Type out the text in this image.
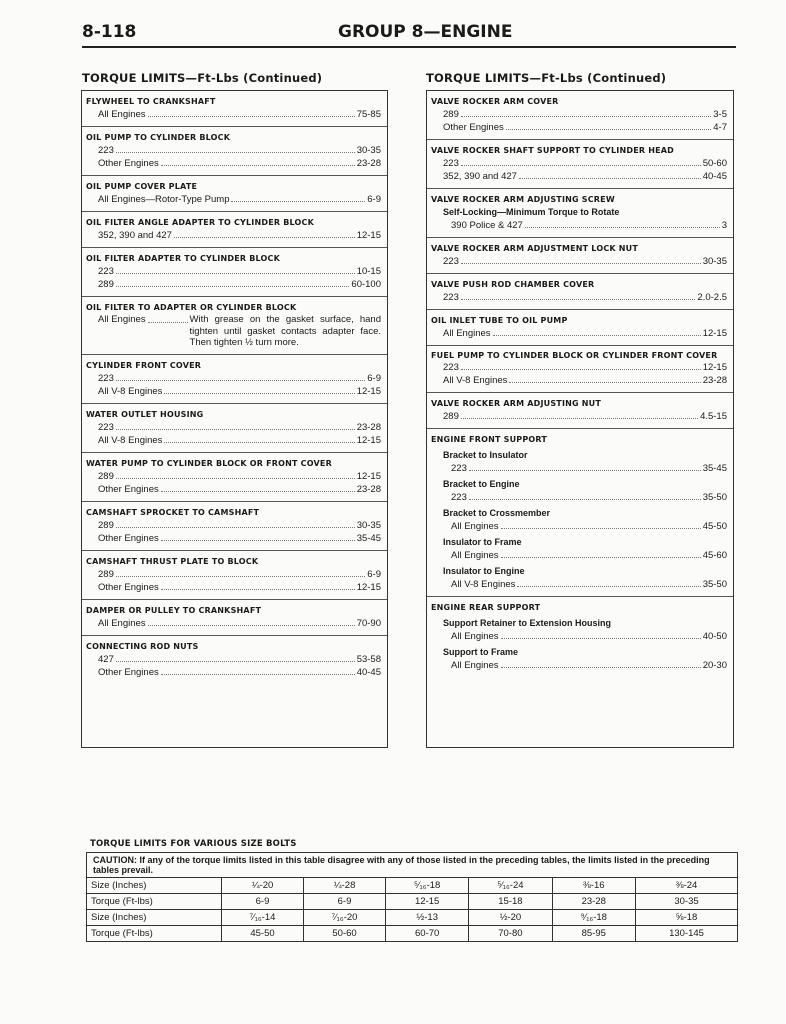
8-118	GROUP 8—ENGINE
TORQUE LIMITS—Ft-Lbs (Continued)	TORQUE LIMITS—Ft-Lbs (Continued)
FLYWHEEL TO CRANKSHAFT
All Engines	75-85
OIL PUMP TO CYLINDER BLOCK
223	30-35
Other Engines	23-28
OIL PUMP COVER PLATE
All Engines—Rotor-Type Pump	6-9
OIL FILTER ANGLE ADAPTER TO CYLINDER BLOCK
352, 390 and 427	12-15
OIL FILTER ADAPTER TO CYLINDER BLOCK
223	10-15
289	60-100
OIL FILTER TO ADAPTER OR CYLINDER BLOCK
All Engines	With grease on the gasket surface, hand tighten until gasket contacts adapter face. Then tighten ½ turn more.
CYLINDER FRONT COVER
223	6-9
All V-8 Engines	12-15
WATER OUTLET HOUSING
223	23-28
All V-8 Engines	12-15
WATER PUMP TO CYLINDER BLOCK OR FRONT COVER
289	12-15
Other Engines	23-28
CAMSHAFT SPROCKET TO CAMSHAFT
289	30-35
Other Engines	35-45
CAMSHAFT THRUST PLATE TO BLOCK
289	6-9
Other Engines	12-15
DAMPER OR PULLEY TO CRANKSHAFT
All Engines	70-90
CONNECTING ROD NUTS
427	53-58
Other Engines	40-45
VALVE ROCKER ARM COVER
289	3-5
Other Engines	4-7
VALVE ROCKER SHAFT SUPPORT TO CYLINDER HEAD
223	50-60
352, 390 and 427	40-45
VALVE ROCKER ARM ADJUSTING SCREW
Self-Locking—Minimum Torque to Rotate
390 Police & 427	3
VALVE ROCKER ARM ADJUSTMENT LOCK NUT
223	30-35
VALVE PUSH ROD CHAMBER COVER
223	2.0-2.5
OIL INLET TUBE TO OIL PUMP
All Engines	12-15
FUEL PUMP TO CYLINDER BLOCK OR CYLINDER FRONT COVER
223	12-15
All V-8 Engines	23-28
VALVE ROCKER ARM ADJUSTING NUT
289	4.5-15
ENGINE FRONT SUPPORT
Bracket to Insulator
223	35-45
Bracket to Engine
223	35-50
Bracket to Crossmember
All Engines	45-50
Insulator to Frame
All Engines	45-60
Insulator to Engine
All V-8 Engines	35-50
ENGINE REAR SUPPORT
Support Retainer to Extension Housing
All Engines	40-50
Support to Frame
All Engines	20-30
TORQUE LIMITS FOR VARIOUS SIZE BOLTS
CAUTION: If any of the torque limits listed in this table disagree with any of those listed in the preceding tables, the limits listed in the preceding tables prevail.						
Size (Inches)	¼-20	¼-28	⁵⁄₁₆-18	⁵⁄₁₆-24	⅜-16	⅜-24
Torque (Ft-lbs)	6-9	6-9	12-15	15-18	23-28	30-35
Size (Inches)	⁷⁄₁₆-14	⁷⁄₁₆-20	½-13	½-20	⁹⁄₁₆-18	⅝-18
Torque (Ft-lbs)	45-50	50-60	60-70	70-80	85-95	130-145
